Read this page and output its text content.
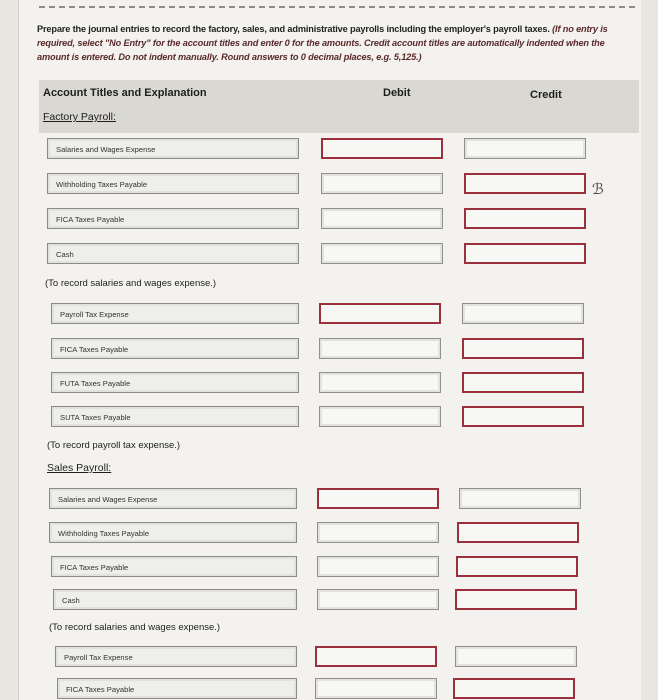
Prepare the journal entries to record the factory, sales, and administrative payrolls including the employer's payroll taxes. (If no entry is required, select "No Entry" for the account titles and enter 0 for the amounts. Credit account titles are automatically indented when the amount is entered. Do not indent manually. Round answers to 0 decimal places, e.g. 5,125.)
Account Titles and Explanation	Debit	Credit
Factory Payroll:
Salaries and Wages Expense
Withholding Taxes Payable	ℬ
FICA Taxes Payable
Cash
(To record salaries and wages expense.)
Payroll Tax Expense
FICA Taxes Payable
FUTA Taxes Payable
SUTA Taxes Payable
(To record payroll tax expense.)
Sales Payroll:
Salaries and Wages Expense
Withholding Taxes Payable
FICA Taxes Payable
Cash
(To record salaries and wages expense.)
Payroll Tax Expense
FICA Taxes Payable
